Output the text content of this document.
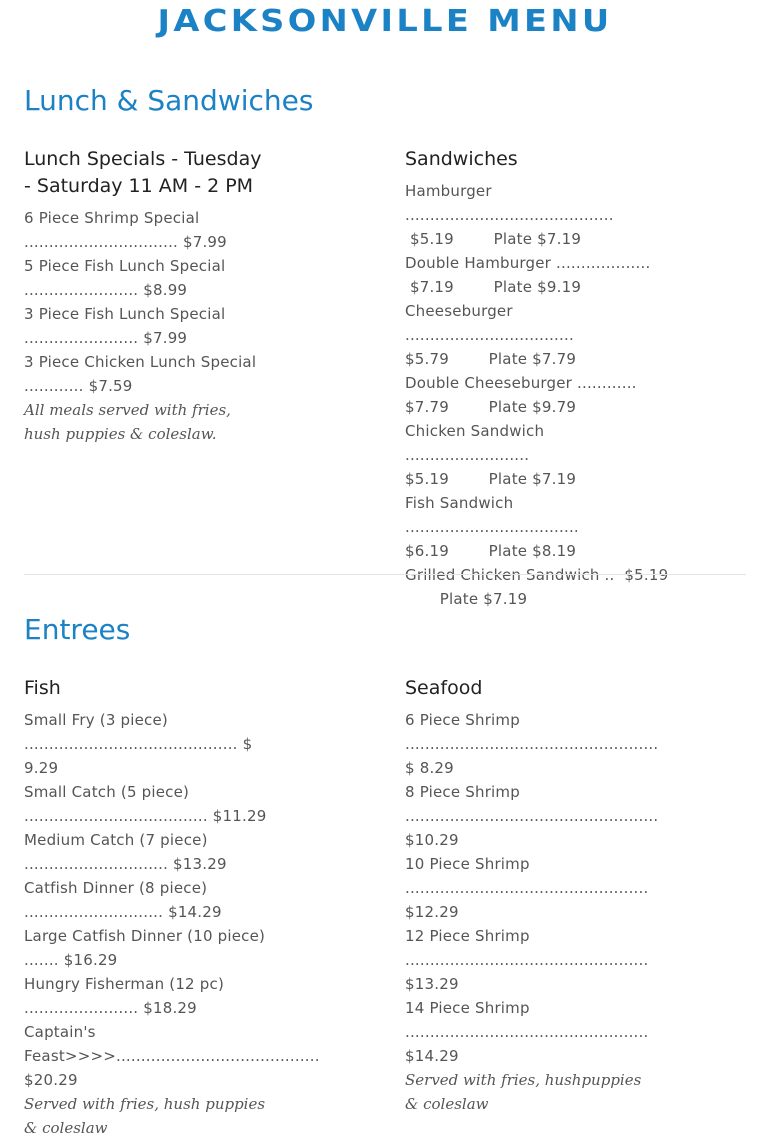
JACKSONVILLE MENU
Lunch & Sandwiches
Lunch Specials - Tuesday - Saturday 11 AM - 2 PM
6 Piece Shrimp Special
............................... $7.99
5 Piece Fish Lunch Special
....................... $8.99
3 Piece Fish Lunch Special
....................... $7.99
3 Piece Chicken Lunch Special
............ $7.59
All meals served with fries, hush puppies & coleslaw.
Sandwiches
Hamburger ..........................................
$5.19        Plate $7.19
Double Hamburger ...................
$7.19        Plate $9.19
Cheeseburger ..................................
$5.79        Plate $7.79
Double Cheeseburger ............
$7.79        Plate $9.79
Chicken Sandwich .........................
$5.19        Plate $7.19
Fish Sandwich ...................................
$6.19        Plate $8.19
Grilled Chicken Sandwich ..  $5.19
Plate $7.19
Entrees
Fish
Small Fry (3 piece)
........................................... $ 9.29
Small Catch (5 piece)
..................................... $11.29
Medium Catch (7 piece)
............................. $13.29
Catfish Dinner (8 piece)
............................ $14.29
Large Catfish Dinner (10 piece)
....... $16.29
Hungry Fisherman (12 pc)
....................... $18.29
Captain's
Feast>>>>.........................................
$20.29
Served with fries, hush puppies & coleslaw
Seafood
6 Piece Shrimp
................................................... $ 8.29
8 Piece Shrimp
................................................... $10.29
10 Piece Shrimp
................................................. $12.29
12 Piece Shrimp
................................................. $13.29
14 Piece Shrimp
................................................. $14.29
Served with fries, hushpuppies & coleslaw
